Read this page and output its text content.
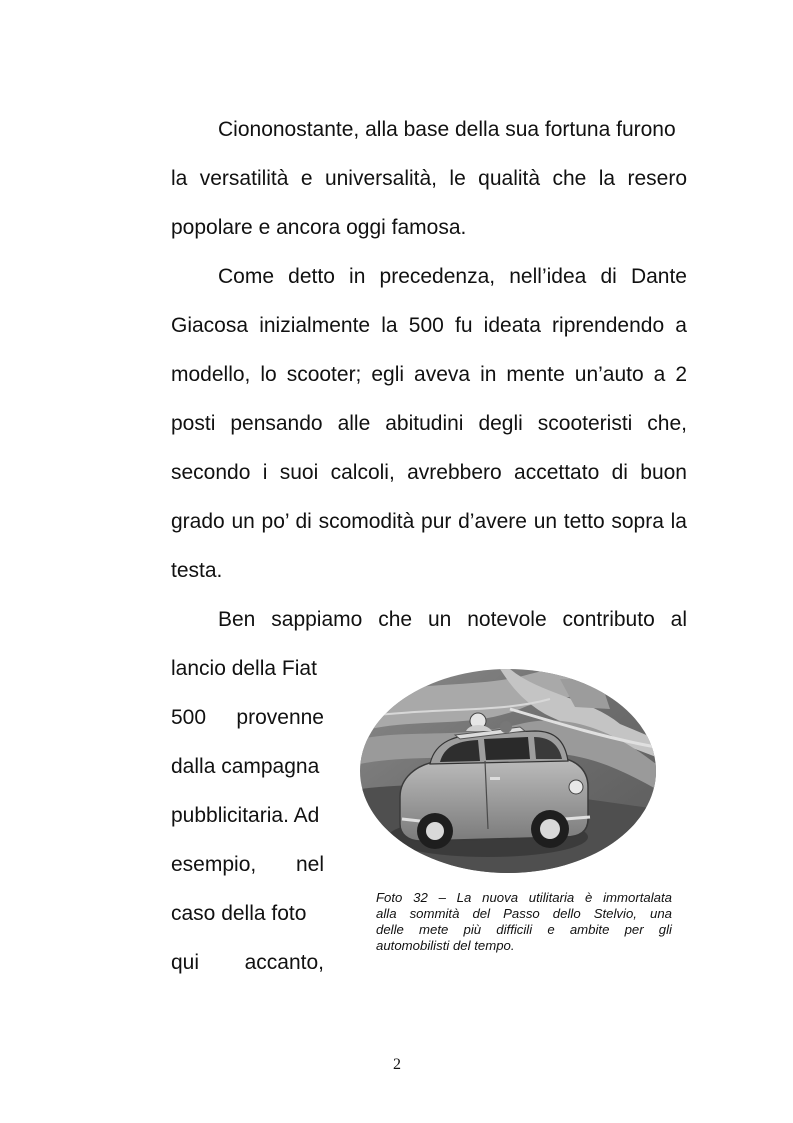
Ciononostante, alla base della sua fortuna furono
la versatilità e universalità, le qualità che la resero
popolare e ancora oggi famosa.
Come detto in precedenza, nell’idea di Dante
Giacosa inizialmente la 500 fu ideata riprendendo a
modello, lo scooter; egli aveva in mente un’auto a 2
posti pensando alle abitudini degli scooteristi che,
secondo i suoi calcoli, avrebbero accettato di buon
grado un po’ di scomodità pur d’avere un tetto sopra la
testa.
Ben sappiamo che un notevole contributo al
lancio della Fiat
500 provenne
dalla campagna
pubblicitaria. Ad
esempio, nel
caso della foto
qui accanto,
Foto 32 – La nuova utilitaria è immortalata
alla sommità del Passo dello Stelvio, una
delle mete più difficili e ambite per gli
automobilisti del tempo.
2
